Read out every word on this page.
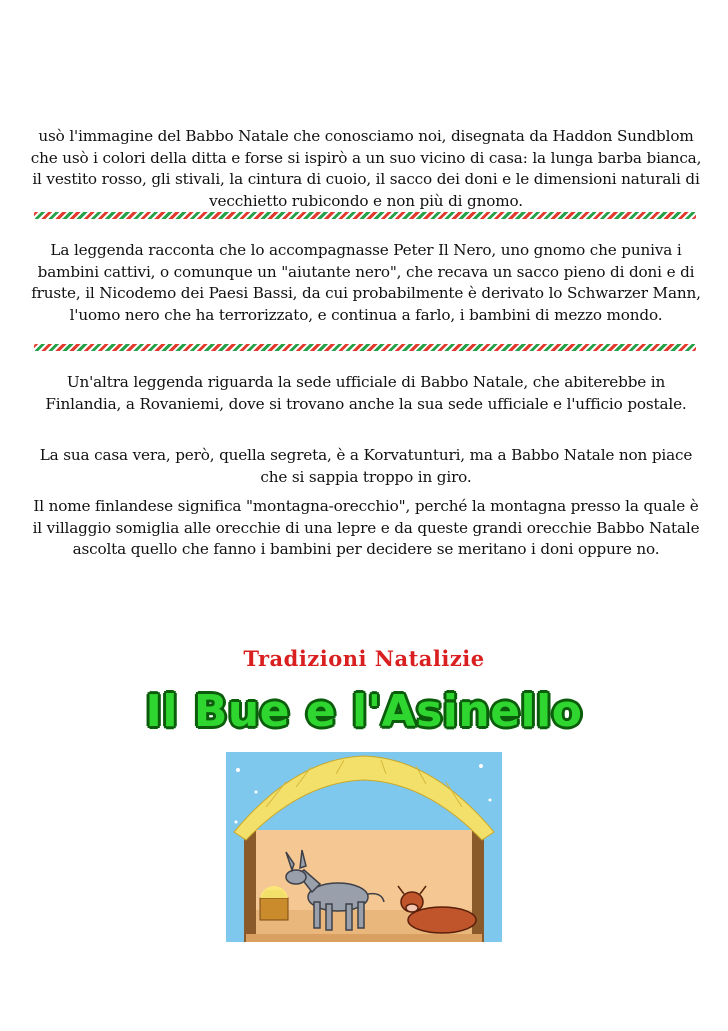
usò l'immagine del Babbo Natale che conosciamo noi, disegnata da Haddon Sundblom che usò i colori della ditta e forse si ispirò a un suo vicino di casa: la lunga barba bianca, il vestito rosso, gli stivali, la cintura di cuoio, il sacco dei doni e le dimensioni naturali di vecchietto rubicondo e non più di gnomo.
La leggenda racconta che lo accompagnasse Peter Il Nero, uno gnomo che puniva i bambini cattivi, o comunque un "aiutante nero", che recava un sacco pieno di doni e di fruste, il Nicodemo dei Paesi Bassi, da cui probabilmente è derivato lo Schwarzer Mann, l'uomo nero che ha terrorizzato, e continua a farlo, i bambini di mezzo mondo.
Un'altra leggenda riguarda la sede ufficiale di Babbo Natale, che abiterebbe in Finlandia, a Rovaniemi, dove si trovano anche la sua sede ufficiale e l'ufficio postale.
La sua casa vera, però, quella segreta, è a Korvatunturi, ma a Babbo Natale non piace che si sappia troppo in giro.
Il nome finlandese significa "montagna-orecchio", perché la montagna presso la quale è il villaggio somiglia alle orecchie di una lepre e da queste grandi orecchie Babbo Natale ascolta quello che fanno i bambini per decidere se meritano i doni oppure no.
Tradizioni Natalizie
Il Bue e l'Asinello
